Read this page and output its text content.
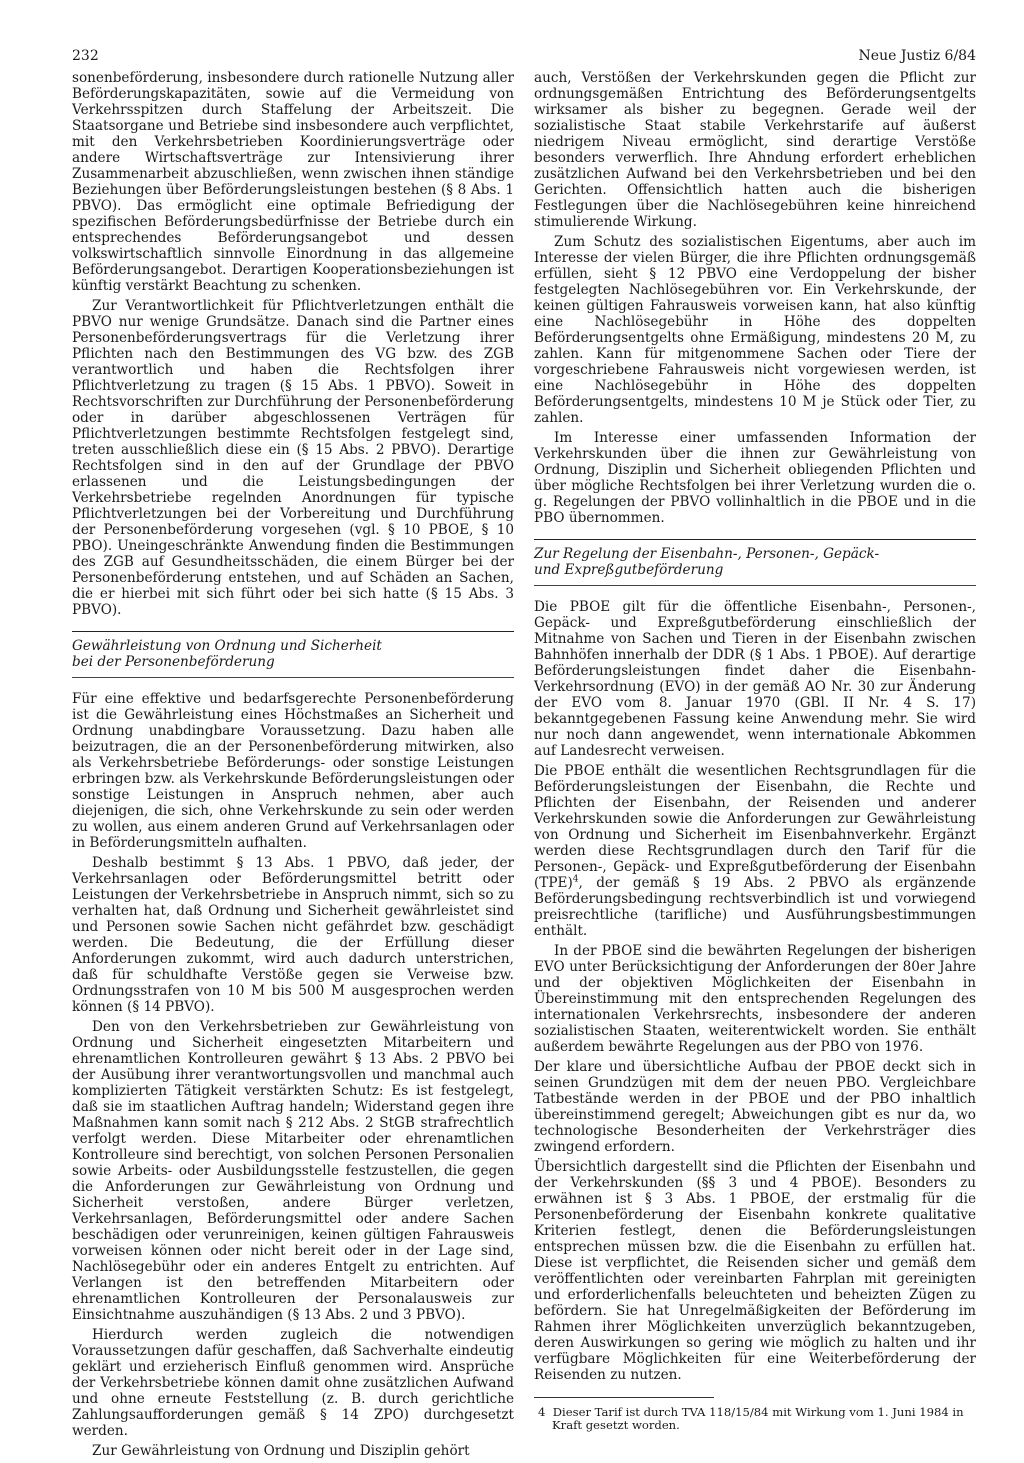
232	Neue Justiz 6/84

sonenbeförderung, insbesondere durch rationelle Nutzung aller Beförderungskapazitäten, sowie auf die Vermeidung von Verkehrsspitzen durch Staffelung der Arbeitszeit. Die Staatsorgane und Betriebe sind insbesondere auch verpflichtet, mit den Verkehrsbetrieben Koordinierungsverträge oder andere Wirtschaftsverträge zur Intensivierung ihrer Zusammenarbeit abzuschließen, wenn zwischen ihnen ständige Beziehungen über Beförderungsleistungen bestehen (§ 8 Abs. 1 PBVO). Das ermöglicht eine optimale Befriedigung der spezifischen Beförderungsbedürfnisse der Betriebe durch ein entsprechendes Beförderungsangebot und dessen volkswirtschaftlich sinnvolle Einordnung in das allgemeine Beförderungsangebot. Derartigen Kooperationsbeziehungen ist künftig verstärkt Beachtung zu schenken.

Zur Verantwortlichkeit für Pflichtverletzungen enthält die PBVO nur wenige Grundsätze. Danach sind die Partner eines Personenbeförderungsvertrags für die Verletzung ihrer Pflichten nach den Bestimmungen des VG bzw. des ZGB verantwortlich und haben die Rechtsfolgen ihrer Pflichtverletzung zu tragen (§ 15 Abs. 1 PBVO). Soweit in Rechtsvorschriften zur Durchführung der Personenbeförderung oder in darüber abgeschlossenen Verträgen für Pflichtverletzungen bestimmte Rechtsfolgen festgelegt sind, treten ausschließlich diese ein (§ 15 Abs. 2 PBVO). Derartige Rechtsfolgen sind in den auf der Grundlage der PBVO erlassenen und die Leistungsbedingungen der Verkehrsbetriebe regelnden Anordnungen für typische Pflichtverletzungen bei der Vorbereitung und Durchführung der Personenbeförderung vorgesehen (vgl. § 10 PBOE, § 10 PBO). Uneingeschränkte Anwendung finden die Bestimmungen des ZGB auf Gesundheitsschäden, die einem Bürger bei der Personenbeförderung entstehen, und auf Schäden an Sachen, die er hierbei mit sich führt oder bei sich hatte (§ 15 Abs. 3 PBVO).

Gewährleistung von Ordnung und Sicherheit
bei der Personenbeförderung

Für eine effektive und bedarfsgerechte Personenbeförderung ist die Gewährleistung eines Höchstmaßes an Sicherheit und Ordnung unabdingbare Voraussetzung. Dazu haben alle beizutragen, die an der Personenbeförderung mitwirken, also als Verkehrsbetriebe Beförderungs- oder sonstige Leistungen erbringen bzw. als Verkehrskunde Beförderungsleistungen oder sonstige Leistungen in Anspruch nehmen, aber auch diejenigen, die sich, ohne Verkehrskunde zu sein oder werden zu wollen, aus einem anderen Grund auf Verkehrsanlagen oder in Beförderungsmitteln aufhalten.

Deshalb bestimmt § 13 Abs. 1 PBVO, daß jeder, der Verkehrsanlagen oder Beförderungsmittel betritt oder Leistungen der Verkehrsbetriebe in Anspruch nimmt, sich so zu verhalten hat, daß Ordnung und Sicherheit gewährleistet sind und Personen sowie Sachen nicht gefährdet bzw. geschädigt werden. Die Bedeutung, die der Erfüllung dieser Anforderungen zukommt, wird auch dadurch unterstrichen, daß für schuldhafte Verstöße gegen sie Verweise bzw. Ordnungsstrafen von 10 M bis 500 M ausgesprochen werden können (§ 14 PBVO).

Den von den Verkehrsbetrieben zur Gewährleistung von Ordnung und Sicherheit eingesetzten Mitarbeitern und ehrenamtlichen Kontrolleuren gewährt § 13 Abs. 2 PBVO bei der Ausübung ihrer verantwortungsvollen und manchmal auch komplizierten Tätigkeit verstärkten Schutz: Es ist festgelegt, daß sie im staatlichen Auftrag handeln; Widerstand gegen ihre Maßnahmen kann somit nach § 212 Abs. 2 StGB strafrechtlich verfolgt werden. Diese Mitarbeiter oder ehrenamtlichen Kontrolleure sind berechtigt, von solchen Personen Personalien sowie Arbeits- oder Ausbildungsstelle festzustellen, die gegen die Anforderungen zur Gewährleistung von Ordnung und Sicherheit verstoßen, andere Bürger verletzen, Verkehrsanlagen, Beförderungsmittel oder andere Sachen beschädigen oder verunreinigen, keinen gültigen Fahrausweis vorweisen können oder nicht bereit oder in der Lage sind, Nachlösegebühr oder ein anderes Entgelt zu entrichten. Auf Verlangen ist den betreffenden Mitarbeitern oder ehrenamtlichen Kontrolleuren der Personalausweis zur Einsichtnahme auszuhändigen (§ 13 Abs. 2 und 3 PBVO).

Hierdurch werden zugleich die notwendigen Voraussetzungen dafür geschaffen, daß Sachverhalte eindeutig geklärt und erzieherisch Einfluß genommen wird. Ansprüche der Verkehrsbetriebe können damit ohne zusätzlichen Aufwand und ohne erneute Feststellung (z. B. durch gerichtliche Zahlungsaufforderungen gemäß § 14 ZPO) durchgesetzt werden.

Zur Gewährleistung von Ordnung und Disziplin gehört

auch, Verstößen der Verkehrskunden gegen die Pflicht zur ordnungsgemäßen Entrichtung des Beförderungsentgelts wirksamer als bisher zu begegnen. Gerade weil der sozialistische Staat stabile Verkehrstarife auf äußerst niedrigem Niveau ermöglicht, sind derartige Verstöße besonders verwerflich. Ihre Ahndung erfordert erheblichen zusätzlichen Aufwand bei den Verkehrsbetrieben und bei den Gerichten. Offensichtlich hatten auch die bisherigen Festlegungen über die Nachlösegebühren keine hinreichend stimulierende Wirkung.

Zum Schutz des sozialistischen Eigentums, aber auch im Interesse der vielen Bürger, die ihre Pflichten ordnungsgemäß erfüllen, sieht § 12 PBVO eine Verdoppelung der bisher festgelegten Nachlösegebühren vor. Ein Verkehrskunde, der keinen gültigen Fahrausweis vorweisen kann, hat also künftig eine Nachlösegebühr in Höhe des doppelten Beförderungsentgelts ohne Ermäßigung, mindestens 20 M, zu zahlen. Kann für mitgenommene Sachen oder Tiere der vorgeschriebene Fahrausweis nicht vorgewiesen werden, ist eine Nachlösegebühr in Höhe des doppelten Beförderungsentgelts, mindestens 10 M je Stück oder Tier, zu zahlen.

Im Interesse einer umfassenden Information der Verkehrskunden über die ihnen zur Gewährleistung von Ordnung, Disziplin und Sicherheit obliegenden Pflichten und über mögliche Rechtsfolgen bei ihrer Verletzung wurden die o. g. Regelungen der PBVO vollinhaltlich in die PBOE und in die PBO übernommen.

Zur Regelung der Eisenbahn-, Personen-, Gepäck-
und Expreßgutbeförderung

Die PBOE gilt für die öffentliche Eisenbahn-, Personen-, Gepäck- und Expreßgutbeförderung einschließlich der Mitnahme von Sachen und Tieren in der Eisenbahn zwischen Bahnhöfen innerhalb der DDR (§ 1 Abs. 1 PBOE). Auf derartige Beförderungsleistungen findet daher die Eisenbahn-Verkehrsordnung (EVO) in der gemäß AO Nr. 30 zur Änderung der EVO vom 8. Januar 1970 (GBl. II Nr. 4 S. 17) bekanntgegebenen Fassung keine Anwendung mehr. Sie wird nur noch dann angewendet, wenn internationale Abkommen auf Landesrecht verweisen.

Die PBOE enthält die wesentlichen Rechtsgrundlagen für die Beförderungsleistungen der Eisenbahn, die Rechte und Pflichten der Eisenbahn, der Reisenden und anderer Verkehrskunden sowie die Anforderungen zur Gewährleistung von Ordnung und Sicherheit im Eisenbahnverkehr. Ergänzt werden diese Rechtsgrundlagen durch den Tarif für die Personen-, Gepäck- und Expreßgutbeförderung der Eisenbahn (TPE)$^4$, der gemäß § 19 Abs. 2 PBVO als ergänzende Beförderungsbedingung rechtsverbindlich ist und vorwiegend preisrechtliche (tarifliche) und Ausführungsbestimmungen enthält.

In der PBOE sind die bewährten Regelungen der bisherigen EVO unter Berücksichtigung der Anforderungen der 80er Jahre und der objektiven Möglichkeiten der Eisenbahn in Übereinstimmung mit den entsprechenden Regelungen des internationalen Verkehrsrechts, insbesondere der anderen sozialistischen Staaten, weiterentwickelt worden. Sie enthält außerdem bewährte Regelungen aus der PBO von 1976.

Der klare und übersichtliche Aufbau der PBOE deckt sich in seinen Grundzügen mit dem der neuen PBO. Vergleichbare Tatbestände werden in der PBOE und der PBO inhaltlich übereinstimmend geregelt; Abweichungen gibt es nur da, wo technologische Besonderheiten der Verkehrsträger dies zwingend erfordern.

Übersichtlich dargestellt sind die Pflichten der Eisenbahn und der Verkehrskunden (§§ 3 und 4 PBOE). Besonders zu erwähnen ist § 3 Abs. 1 PBOE, der erstmalig für die Personenbeförderung der Eisenbahn konkrete qualitative Kriterien festlegt, denen die Beförderungsleistungen entsprechen müssen bzw. die die Eisenbahn zu erfüllen hat. Diese ist verpflichtet, die Reisenden sicher und gemäß dem veröffentlichten oder vereinbarten Fahrplan mit gereinigten und erforderlichenfalls beleuchteten und beheizten Zügen zu befördern. Sie hat Unregelmäßigkeiten der Beförderung im Rahmen ihrer Möglichkeiten unverzüglich bekanntzugeben, deren Auswirkungen so gering wie möglich zu halten und ihr verfügbare Möglichkeiten für eine Weiterbeförderung der Reisenden zu nutzen.

4 Dieser Tarif ist durch TVA 118/15/84 mit Wirkung vom 1. Juni 1984 in Kraft gesetzt worden.
